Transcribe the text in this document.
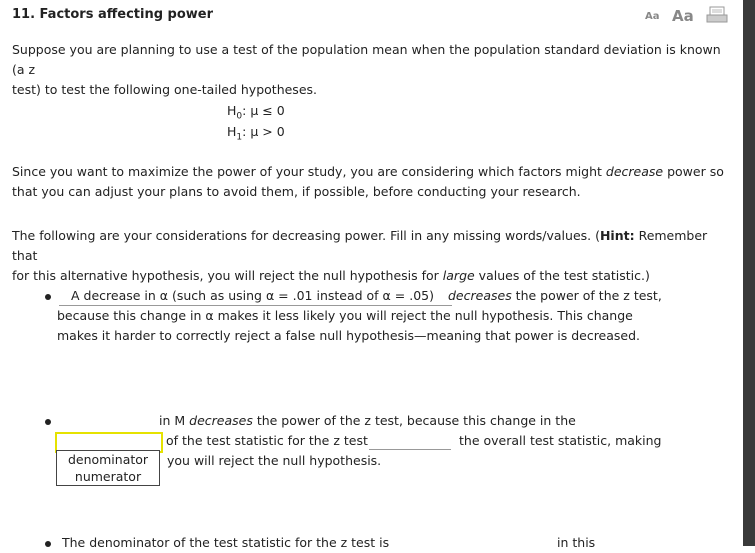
11. Factors affecting power	Aa Aa
Suppose you are planning to use a test of the population mean when the population standard deviation is known (a z
test) to test the following one-tailed hypotheses.
$H_0$: μ ≤ 0
$H_1$: μ > 0
Since you want to maximize the power of your study, you are considering which factors might decrease power so
that you can adjust your plans to avoid them, if possible, before conducting your research.
The following are your considerations for decreasing power. Fill in any missing words/values. (Hint: Remember that
for this alternative hypothesis, you will reject the null hypothesis for large values of the test statistic.)
A decrease in α (such as using α = .01 instead of α = .05)	decreases the power of the z test,
because this change in α makes it less likely you will reject the null hypothesis. This change
makes it harder to correctly reject a false null hypothesis—meaning that power is decreased.
in M decreases the power of the z test, because this change in the
of the test statistic for the z test	the overall test statistic, making
you will reject the null hypothesis.
denominator
numerator
The denominator of the test statistic for the z test is	in this
